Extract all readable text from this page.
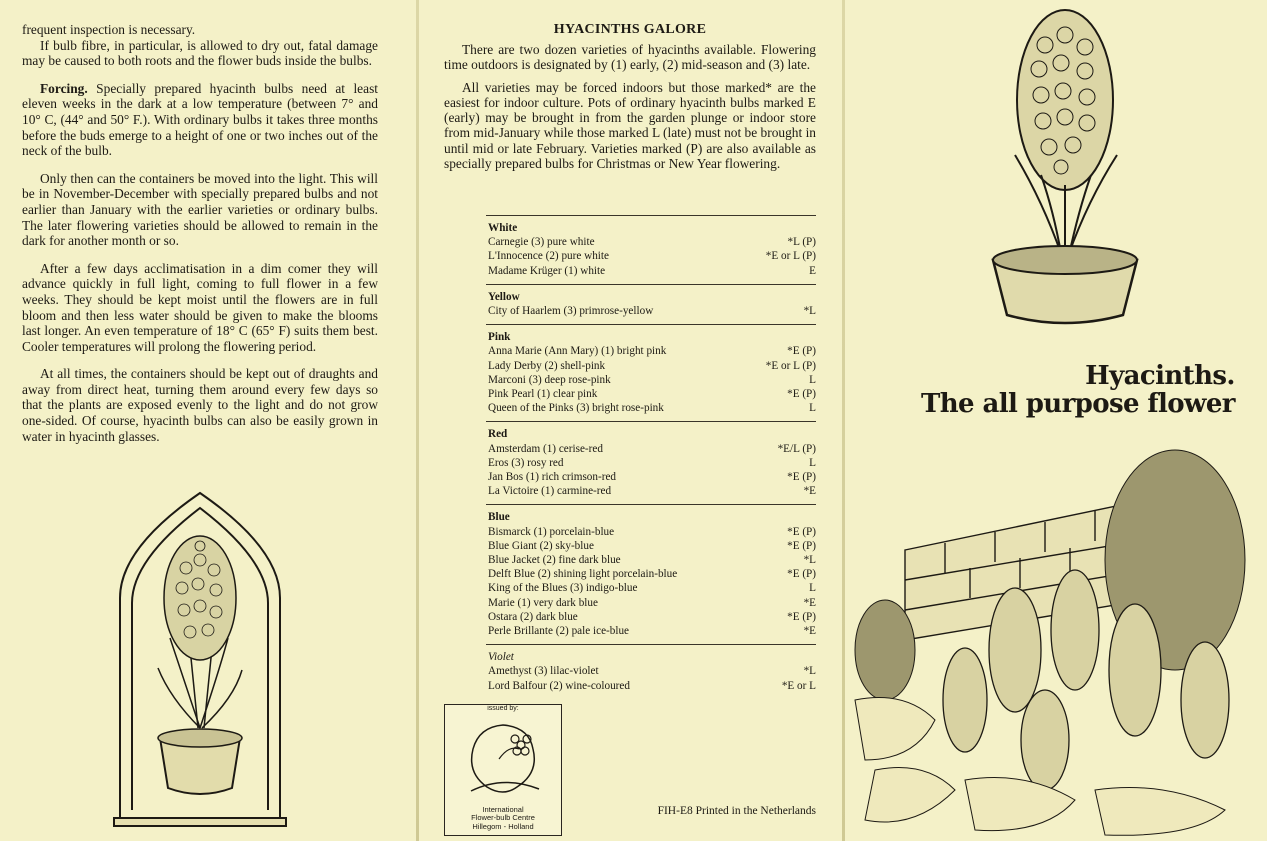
frequent inspection is necessary.

If bulb fibre, in particular, is allowed to dry out, fatal damage may be caused to both roots and the flower buds inside the bulbs.

Forcing. Specially prepared hyacinth bulbs need at least eleven weeks in the dark at a low temperature (between 7° and 10° C, (44° and 50° F.). With ordinary bulbs it takes three months before the buds emerge to a height of one or two inches out of the neck of the bulb.

Only then can the containers be moved into the light. This will be in November-December with specially prepared bulbs and not earlier than January with the earlier varieties or ordinary bulbs. The later flowering varieties should be allowed to remain in the dark for another month or so.

After a few days acclimatisation in a dim comer they will advance quickly in full light, coming to full flower in a few weeks. They should be kept moist until the flowers are in full bloom and then less water should be given to make the blooms last longer. An even temperature of 18° C (65° F) suits them best. Cooler temperatures will prolong the flowering period.

At all times, the containers should be kept out of draughts and away from direct heat, turning them around every few days so that the plants are exposed evenly to the light and do not grow one-sided. Of course, hyacinth bulbs can also be easily grown in water in hyacinth glasses.

HYACINTHS GALORE

There are two dozen varieties of hyacinths available. Flowering time outdoors is designated by (1) early, (2) mid-season and (3) late.

All varieties may be forced indoors but those marked* are the easiest for indoor culture. Pots of ordinary hyacinth bulbs marked E (early) may be brought in from the garden plunge or indoor store from mid-January while those marked L (late) must not be brought in until mid or late February. Varieties marked (P) are also available as specially prepared bulbs for Christmas or New Year flowering.

White
Carnegie (3) pure white	*L (P)
L'Innocence (2) pure white	*E or L (P)
Madame Krüger (1) white	E
Yellow
City of Haarlem (3) primrose-yellow	*L
Pink
Anna Marie (Ann Mary) (1) bright pink	*E (P)
Lady Derby (2) shell-pink	*E or L (P)
Marconi (3) deep rose-pink	L
Pink Pearl (1) clear pink	*E (P)
Queen of the Pinks (3) bright rose-pink	L
Red
Amsterdam (1) cerise-red	*E/L (P)
Eros (3) rosy red	L
Jan Bos (1) rich crimson-red	*E (P)
La Victoire (1) carmine-red	*E
Blue
Bismarck (1) porcelain-blue	*E (P)
Blue Giant (2) sky-blue	*E (P)
Blue Jacket (2) fine dark blue	*L
Delft Blue (2) shining light porcelain-blue	*E (P)
King of the Blues (3) indigo-blue	L
Marie (1) very dark blue	*E
Ostara (2) dark blue	*E (P)
Perle Brillante (2) pale ice-blue	*E
Violet
Amethyst (3) lilac-violet	*L
Lord Balfour (2) wine-coloured	*E or L
issued by:
International
Flower-bulb Centre
Hillegom - Holland
FIH-E8 Printed in the Netherlands
Hyacinths.
The all purpose flower
